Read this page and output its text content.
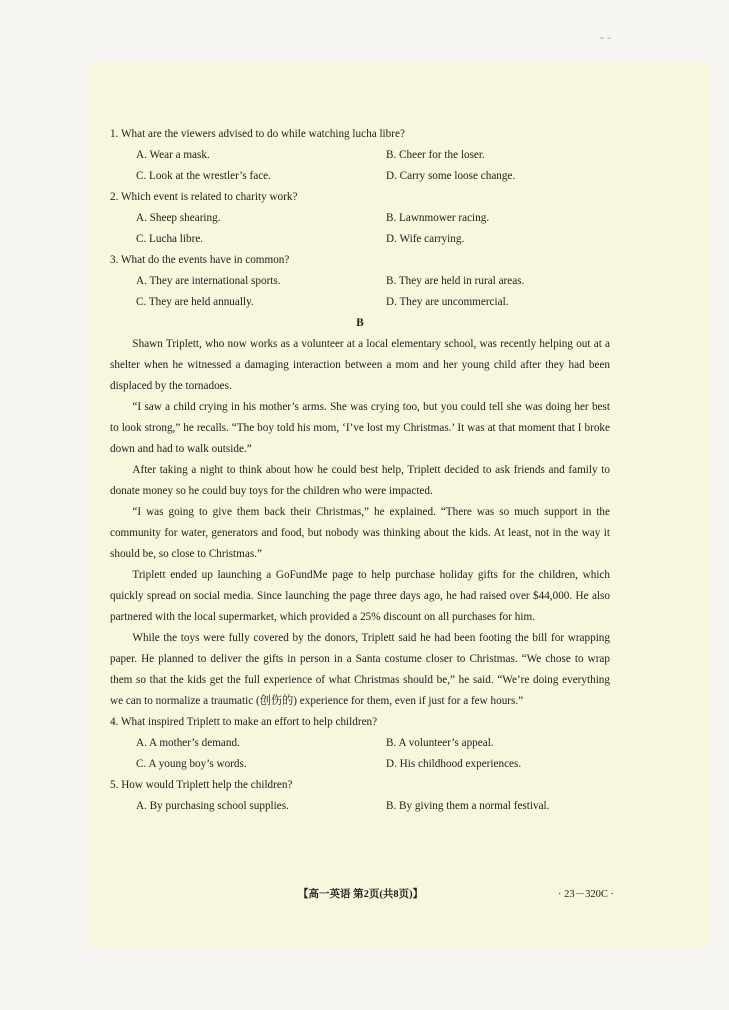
- -

1. What are the viewers advised to do while watching lucha libre?

A. Wear a mask.	B. Cheer for the loser.
C. Look at the wrestler’s face.	D. Carry some loose change.

2. Which event is related to charity work?

A. Sheep shearing.	B. Lawnmower racing.
C. Lucha libre.	D. Wife carrying.

3. What do the events have in common?

A. They are international sports.	B. They are held in rural areas.
C. They are held annually.	D. They are uncommercial.

B

Shawn Triplett, who now works as a volunteer at a local elementary school, was recently helping out at a shelter when he witnessed a damaging interaction between a mom and her young child after they had been displaced by the tornadoes.

“I saw a child crying in his mother’s arms. She was crying too, but you could tell she was doing her best to look strong,” he recalls. “The boy told his mom, ‘I’ve lost my Christmas.’ It was at that moment that I broke down and had to walk outside.”

After taking a night to think about how he could best help, Triplett decided to ask friends and family to donate money so he could buy toys for the children who were impacted.

“I was going to give them back their Christmas,” he explained. “There was so much support in the community for water, generators and food, but nobody was thinking about the kids. At least, not in the way it should be, so close to Christmas.”

Triplett ended up launching a GoFundMe page to help purchase holiday gifts for the children, which quickly spread on social media. Since launching the page three days ago, he had raised over $44,000. He also partnered with the local supermarket, which provided a 25% discount on all purchases for him.

While the toys were fully covered by the donors, Triplett said he had been footing the bill for wrapping paper. He planned to deliver the gifts in person in a Santa costume closer to Christmas. “We chose to wrap them so that the kids get the full experience of what Christmas should be,” he said. “We’re doing everything we can to normalize a traumatic (创伤的) experience for them, even if just for a few hours.”

4. What inspired Triplett to make an effort to help children?

A. A mother’s demand.	B. A volunteer’s appeal.
C. A young boy’s words.	D. His childhood experiences.

5. How would Triplett help the children?

A. By purchasing school supplies.	B. By giving them a normal festival.
【高一英语 第2页(共8页)】	· 23－320C ·
